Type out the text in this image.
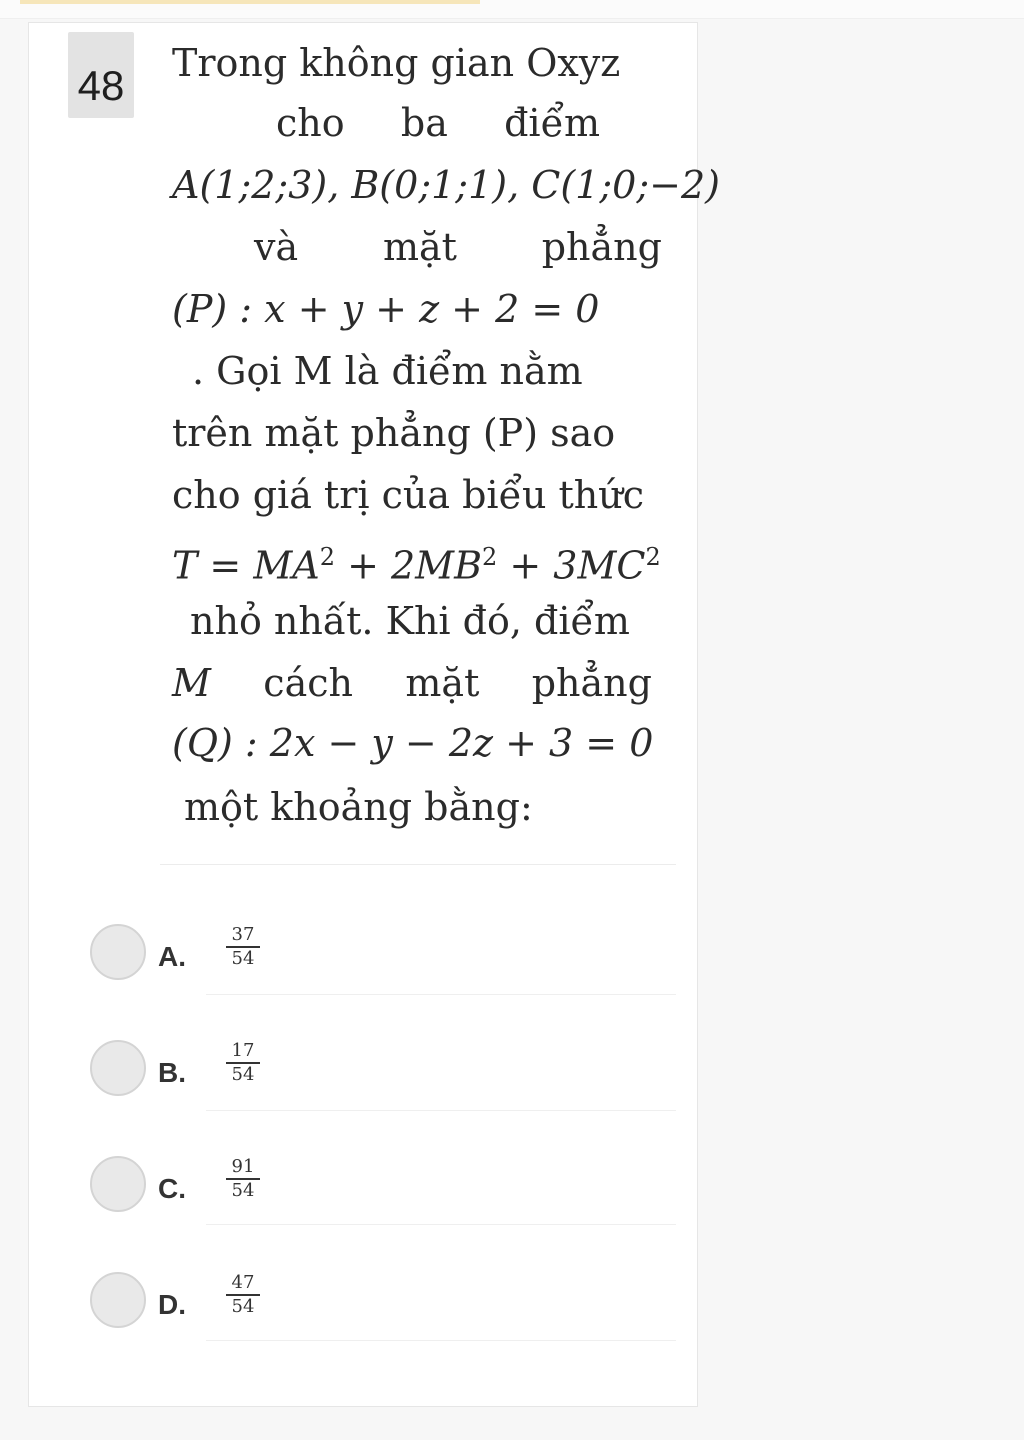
48 Trong không gian Oxyz
cho ba điểm
A(1;2;3), B(0;1;1), C(1;0;−2)
và mặt phẳng
(P) : x + y + z + 2 = 0
. Gọi M là điểm nằm
trên mặt phẳng (P) sao
cho giá trị của biểu thức
$T = MA^2 + 2MB^2 + 3MC^2$
nhỏ nhất. Khi đó, điểm
M cách mặt phẳng
(Q) : 2x − y − 2z + 3 = 0
một khoảng bằng:
A.	$\frac{37}{54}$
B.	$\frac{17}{54}$
C.	$\frac{91}{54}$
D.	$\frac{47}{54}$
